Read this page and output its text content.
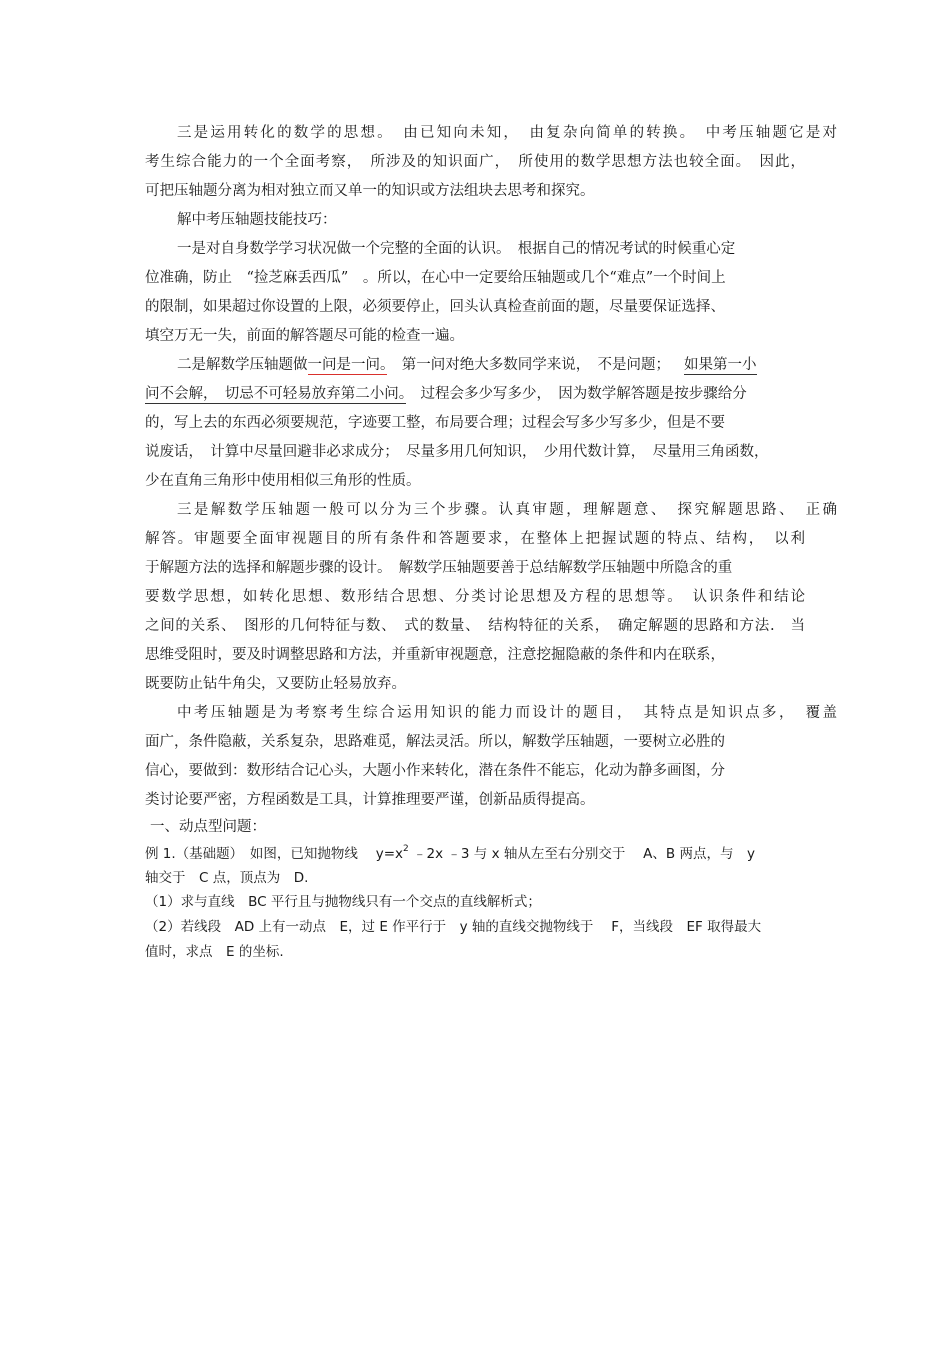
三是运用转化的数学的思想。　由已知向未知，　由复杂向简单的转换。　中考压轴题它是对
考生综合能力的一个全面考察，　所涉及的知识面广，　所使用的数学思想方法也较全面。　因此，
可把压轴题分离为相对独立而又单一的知识或方法组块去思考和探究。
解中考压轴题技能技巧：
一是对自身数学学习状况做一个完整的全面的认识。　根据自己的情况考试的时候重心定
位准确，防止　“捡芝麻丢西瓜”　。所以，在心中一定要给压轴题或几个“难点”一个时间上
的限制，如果超过你设置的上限，必须要停止，回头认真检查前面的题，尽量要保证选择、
填空万无一失，前面的解答题尽可能的检查一遍。
二是解数学压轴题做一问是一问。　第一问对绝大多数同学来说，　不是问题； 如果第一小
问不会解，　切忌不可轻易放弃第二小问。　过程会多少写多少，　因为数学解答题是按步骤给分
的，写上去的东西必须要规范，字迹要工整，布局要合理；过程会写多少写多少，但是不要
说废话，　计算中尽量回避非必求成分；　尽量多用几何知识，　少用代数计算，　尽量用三角函数，
少在直角三角形中使用相似三角形的性质。
三是解数学压轴题一般可以分为三个步骤。认真审题，理解题意、　探究解题思路、　正确
解答。审题要全面审视题目的所有条件和答题要求，在整体上把握试题的特点、结构，　以利
于解题方法的选择和解题步骤的设计。　解数学压轴题要善于总结解数学压轴题中所隐含的重
要数学思想，如转化思想、数形结合思想、分类讨论思想及方程的思想等。　认识条件和结论
之间的关系、　图形的几何特征与数、　式的数量、　结构特征的关系，　确定解题的思路和方法.　当
思维受阻时，要及时调整思路和方法，并重新审视题意，注意挖掘隐蔽的条件和内在联系，
既要防止钻牛角尖，又要防止轻易放弃。
中考压轴题是为考察考生综合运用知识的能力而设计的题目，　其特点是知识点多，　覆盖
面广，条件隐蔽，关系复杂，思路难觅，解法灵活。所以，解数学压轴题，一要树立必胜的
信心，要做到：数形结合记心头，大题小作来转化，潜在条件不能忘，化动为静多画图，分
类讨论要严密，方程函数是工具，计算推理要严谨，创新品质得提高。
一、动点型问题：
例 1.（基础题）　如图，已知抛物线　 $y=x^2$ ﹣2x ﹣3 与 x 轴从左至右分别交于　 A、B 两点，与　y
轴交于　C 点，顶点为　D.
（1）求与直线　BC 平行且与抛物线只有一个交点的直线解析式；
（2）若线段　AD 上有一动点　E，过 E 作平行于　y 轴的直线交抛物线于　 F，当线段　EF 取得最大
值时，求点　E 的坐标.
